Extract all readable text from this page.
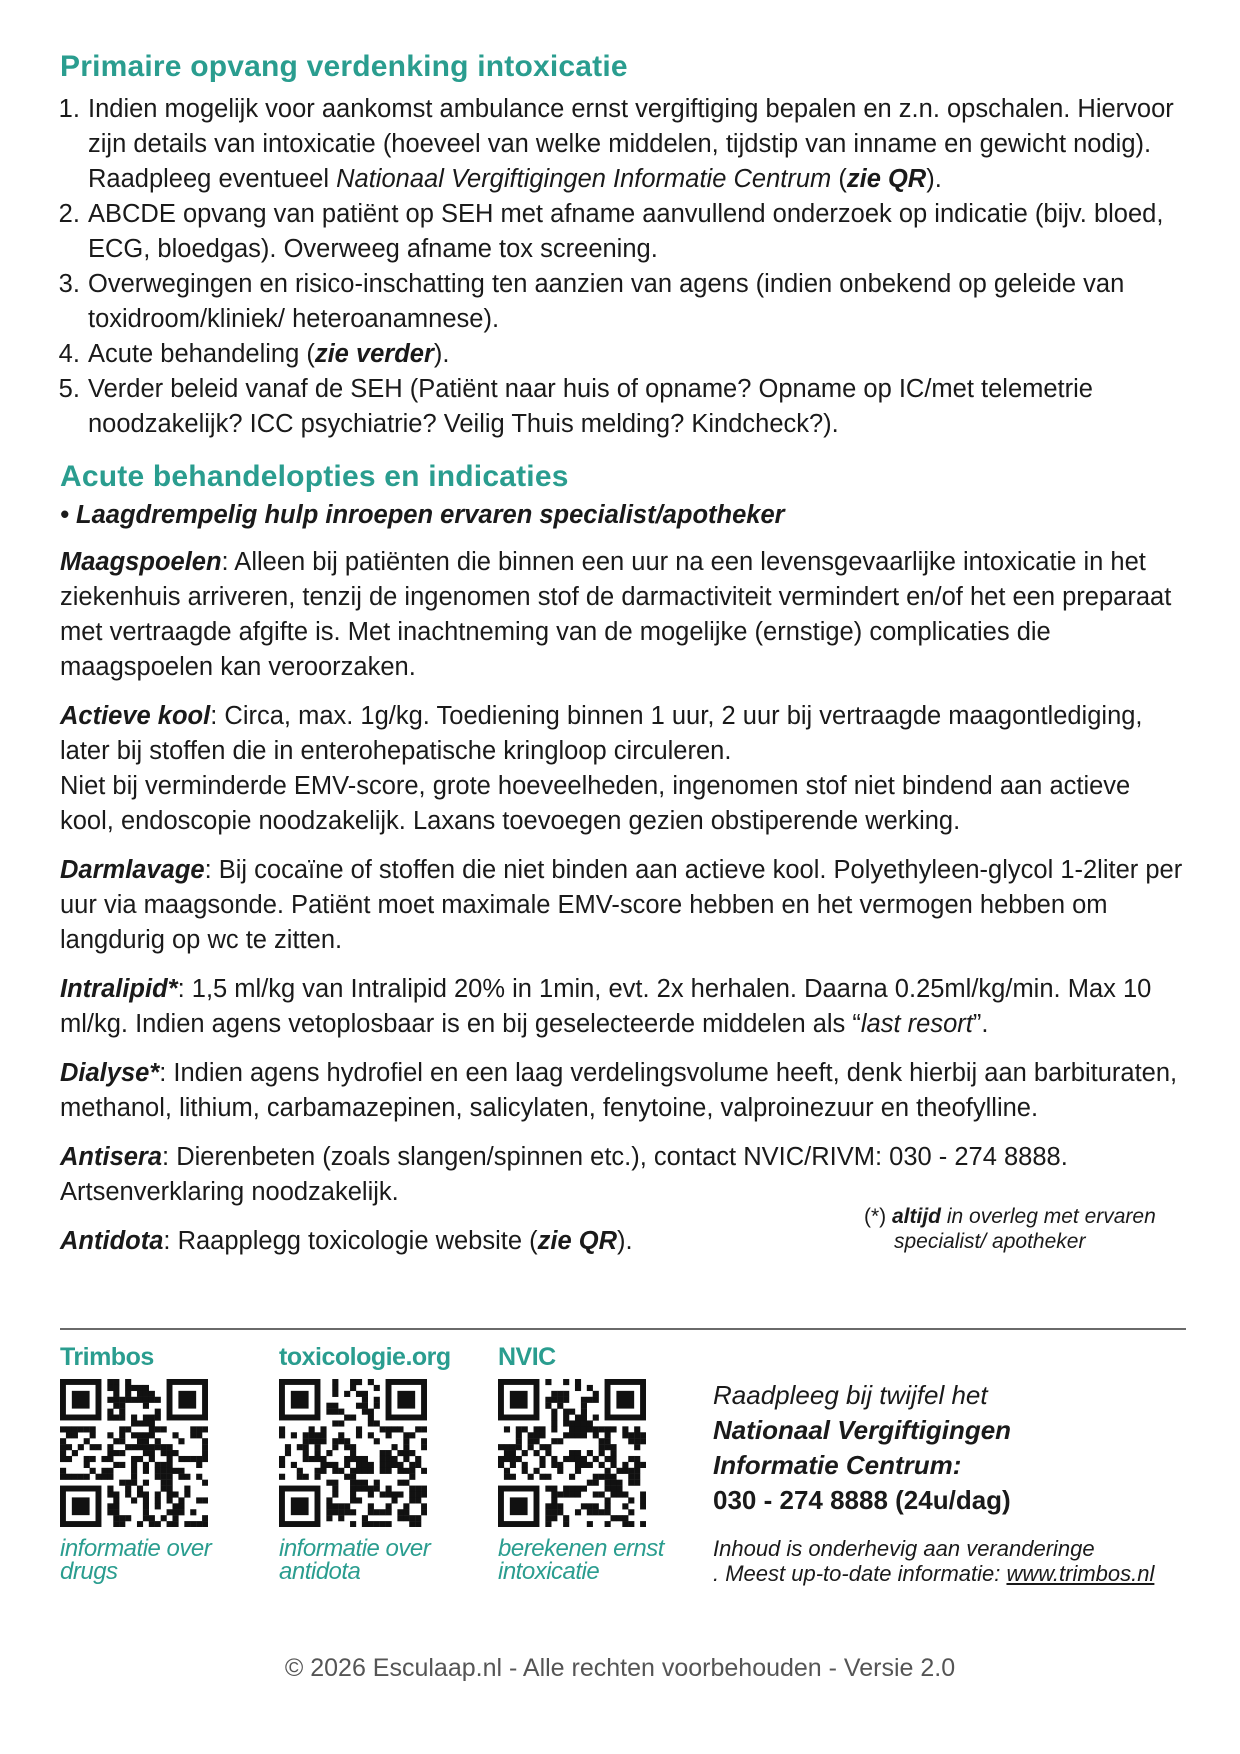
Primaire opvang verdenking intoxicatie
1. Indien mogelijk voor aankomst ambulance ernst vergiftiging bepalen en z.n. opschalen. Hiervoor zijn details van intoxicatie (hoeveel van welke middelen, tijdstip van inname en gewicht nodig). Raadpleeg eventueel Nationaal Vergiftigingen Informatie Centrum (zie QR).
2. ABCDE opvang van patiënt op SEH met afname aanvullend onderzoek op indicatie (bijv. bloed, ECG, bloedgas). Overweeg afname tox screening.
3. Overwegingen en risico-inschatting ten aanzien van agens (indien onbekend op geleide van toxidroom/kliniek/ heteroanamnese).
4. Acute behandeling (zie verder).
5. Verder beleid vanaf de SEH (Patiënt naar huis of opname? Opname op IC/met telemetrie noodzakelijk? ICC psychiatrie? Veilig Thuis melding? Kindcheck?).
Acute behandelopties en indicaties
• Laagdrempelig hulp inroepen ervaren specialist/apotheker

Maagspoelen: Alleen bij patiënten die binnen een uur na een levensgevaarlijke intoxicatie in het ziekenhuis arriveren, tenzij de ingenomen stof de darmactiviteit vermindert en/of het een preparaat met vertraagde afgifte is. Met inachtneming van de mogelijke (ernstige) complicaties die maagspoelen kan veroorzaken.

Actieve kool: Circa, max. 1g/kg. Toediening binnen 1 uur, 2 uur bij vertraagde maagontlediging, later bij stoffen die in enterohepatische kringloop circuleren.
Niet bij verminderde EMV-score, grote hoeveelheden, ingenomen stof niet bindend aan actieve kool, endoscopie noodzakelijk. Laxans toevoegen gezien obstiperende werking.

Darmlavage: Bij cocaïne of stoffen die niet binden aan actieve kool. Polyethyleen-glycol 1-2liter per uur via maagsonde. Patiënt moet maximale EMV-score hebben en het vermogen hebben om langdurig op wc te zitten.

Intralipid*: 1,5 ml/kg van Intralipid 20% in 1min, evt. 2x herhalen. Daarna 0.25ml/kg/min. Max 10 ml/kg. Indien agens vetoplosbaar is en bij geselecteerde middelen als “last resort”.

Dialyse*: Indien agens hydrofiel en een laag verdelingsvolume heeft, denk hierbij aan barbituraten, methanol, lithium, carbamazepinen, salicylaten, fenytoine, valproinezuur en theofylline.

Antisera: Dierenbeten (zoals slangen/spinnen etc.), contact NVIC/RIVM: 030 - 274 8888.
Artsenverklaring noodzakelijk.

Antidota: Raapplegg toxicologie website (zie QR).

(*) altijd in overleg met ervaren
specialist/ apotheker
Trimbos
informatie over
drugs
toxicologie.org
informatie over
antidota
NVIC
berekenen ernst
intoxicatie
Raadpleeg bij twijfel het
Nationaal Vergiftigingen
Informatie Centrum:
030 - 274 8888 (24u/dag)
Inhoud is onderhevig aan veranderinge
. Meest up-to-date informatie: www.trimbos.nl
© 2026 Esculaap.nl - Alle rechten voorbehouden - Versie 2.0
